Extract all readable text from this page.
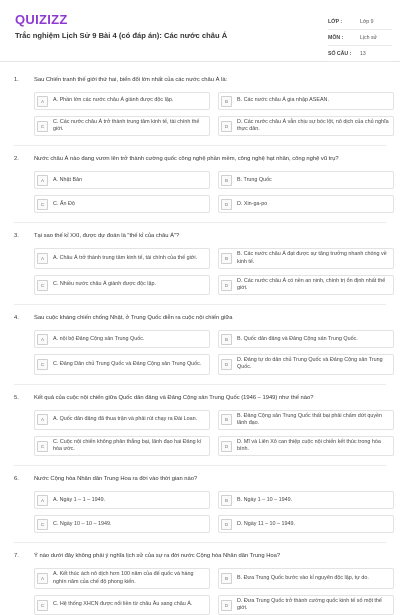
QUIZIZZ
Trắc nghiệm Lịch Sử 9 Bài 4 (có đáp án): Các nước châu Á
LỚP :	Lớp 9
MÔN :	Lịch sử
SỐ CÂU :	13
1.	Sau Chiến tranh thế giới thứ hai, biến đổi lớn nhất của các nước châu Á là:
A	A. Phần lớn các nước châu Á giành được độc lập.	B	B. Các nước châu Á gia nhập ASEAN.
C
C. Các nước châu Á trở thành trung tâm kinh tế, tài chính thế giới.	D
D. Các nước châu Á vẫn chịu sự bóc lột, nô dịch của chủ nghĩa thực dân.
2.	Nước châu Á nào đang vươn lên trở thành cường quốc công nghệ phần mềm, công nghệ hạt nhân, công nghệ vũ trụ?
A	A. Nhật Bản	B	B. Trung Quốc
C	C. Ấn Độ	D	D. Xin-ga-po
3.	Tại sao thế kỉ XXI, được dự đoán là "thế kỉ của châu Á"?
A	A. Châu Á trở thành trung tâm kinh tế, tài chính của thế giới.	B
B. Các nước châu Á đạt được sự tăng trưởng nhanh chóng về kinh tế.
C	C. Nhiều nước châu Á giành được độc lập.	D
D. Các nước châu Á có nền an ninh, chính trị ổn định nhất thế giới.
4.	Sau cuộc kháng chiến chống Nhật, ở Trung Quốc diễn ra cuộc nội chiến giữa
A	A. nội bộ Đảng Cộng sản Trung Quốc.	B	B. Quốc dân đảng và Đảng Cộng sản Trung Quốc.
C	C. Đảng Dân chủ Trung Quốc và Đảng Cộng sản Trung Quốc.	D
D. Đảng tự do dân chủ Trung Quốc và Đảng Cộng sản Trung Quốc.
5.	Kết quả của cuộc nội chiến giữa Quốc dân đảng và Đảng Cộng sản Trung Quốc (1946 – 1949) như thế nào?
A	A. Quốc dân đảng đã thua trận và phải rút chạy ra Đài Loan.	B
B. Đảng Cộng sản Trung Quốc thất bại phải chấm dứt quyền lãnh đạo.
C
C. Cuộc nội chiến không phân thắng bại, lãnh đạo hai Đảng kí hòa ước.	D
D. Mĩ và Liên Xô can thiệp cuộc nội chiến kết thúc trong hòa bình.
6.	Nước Cộng hòa Nhân dân Trung Hoa ra đời vào thời gian nào?
A	A. Ngày 1 – 1 – 1949.	B	B. Ngày 1 – 10 – 1949.
C	C. Ngày 10 – 10 – 1949.	D	D. Ngày 11 – 10 – 1949.
7.	Ý nào dưới đây không phải ý nghĩa lịch sử của sự ra đời nước Cộng hòa Nhân dân Trung Hoa?
A
A. Kết thúc ách nô dịch hơn 100 năm của đế quốc và hàng nghìn năm của chế độ phong kiến.	B	B. Đưa Trung Quốc bước vào kỉ nguyên độc lập, tự do.
C	C. Hệ thống XHCN được nối liền từ châu Âu sang châu Á.	D
D. Đưa Trung Quốc trở thành cường quốc kinh tế số một thế giới.
